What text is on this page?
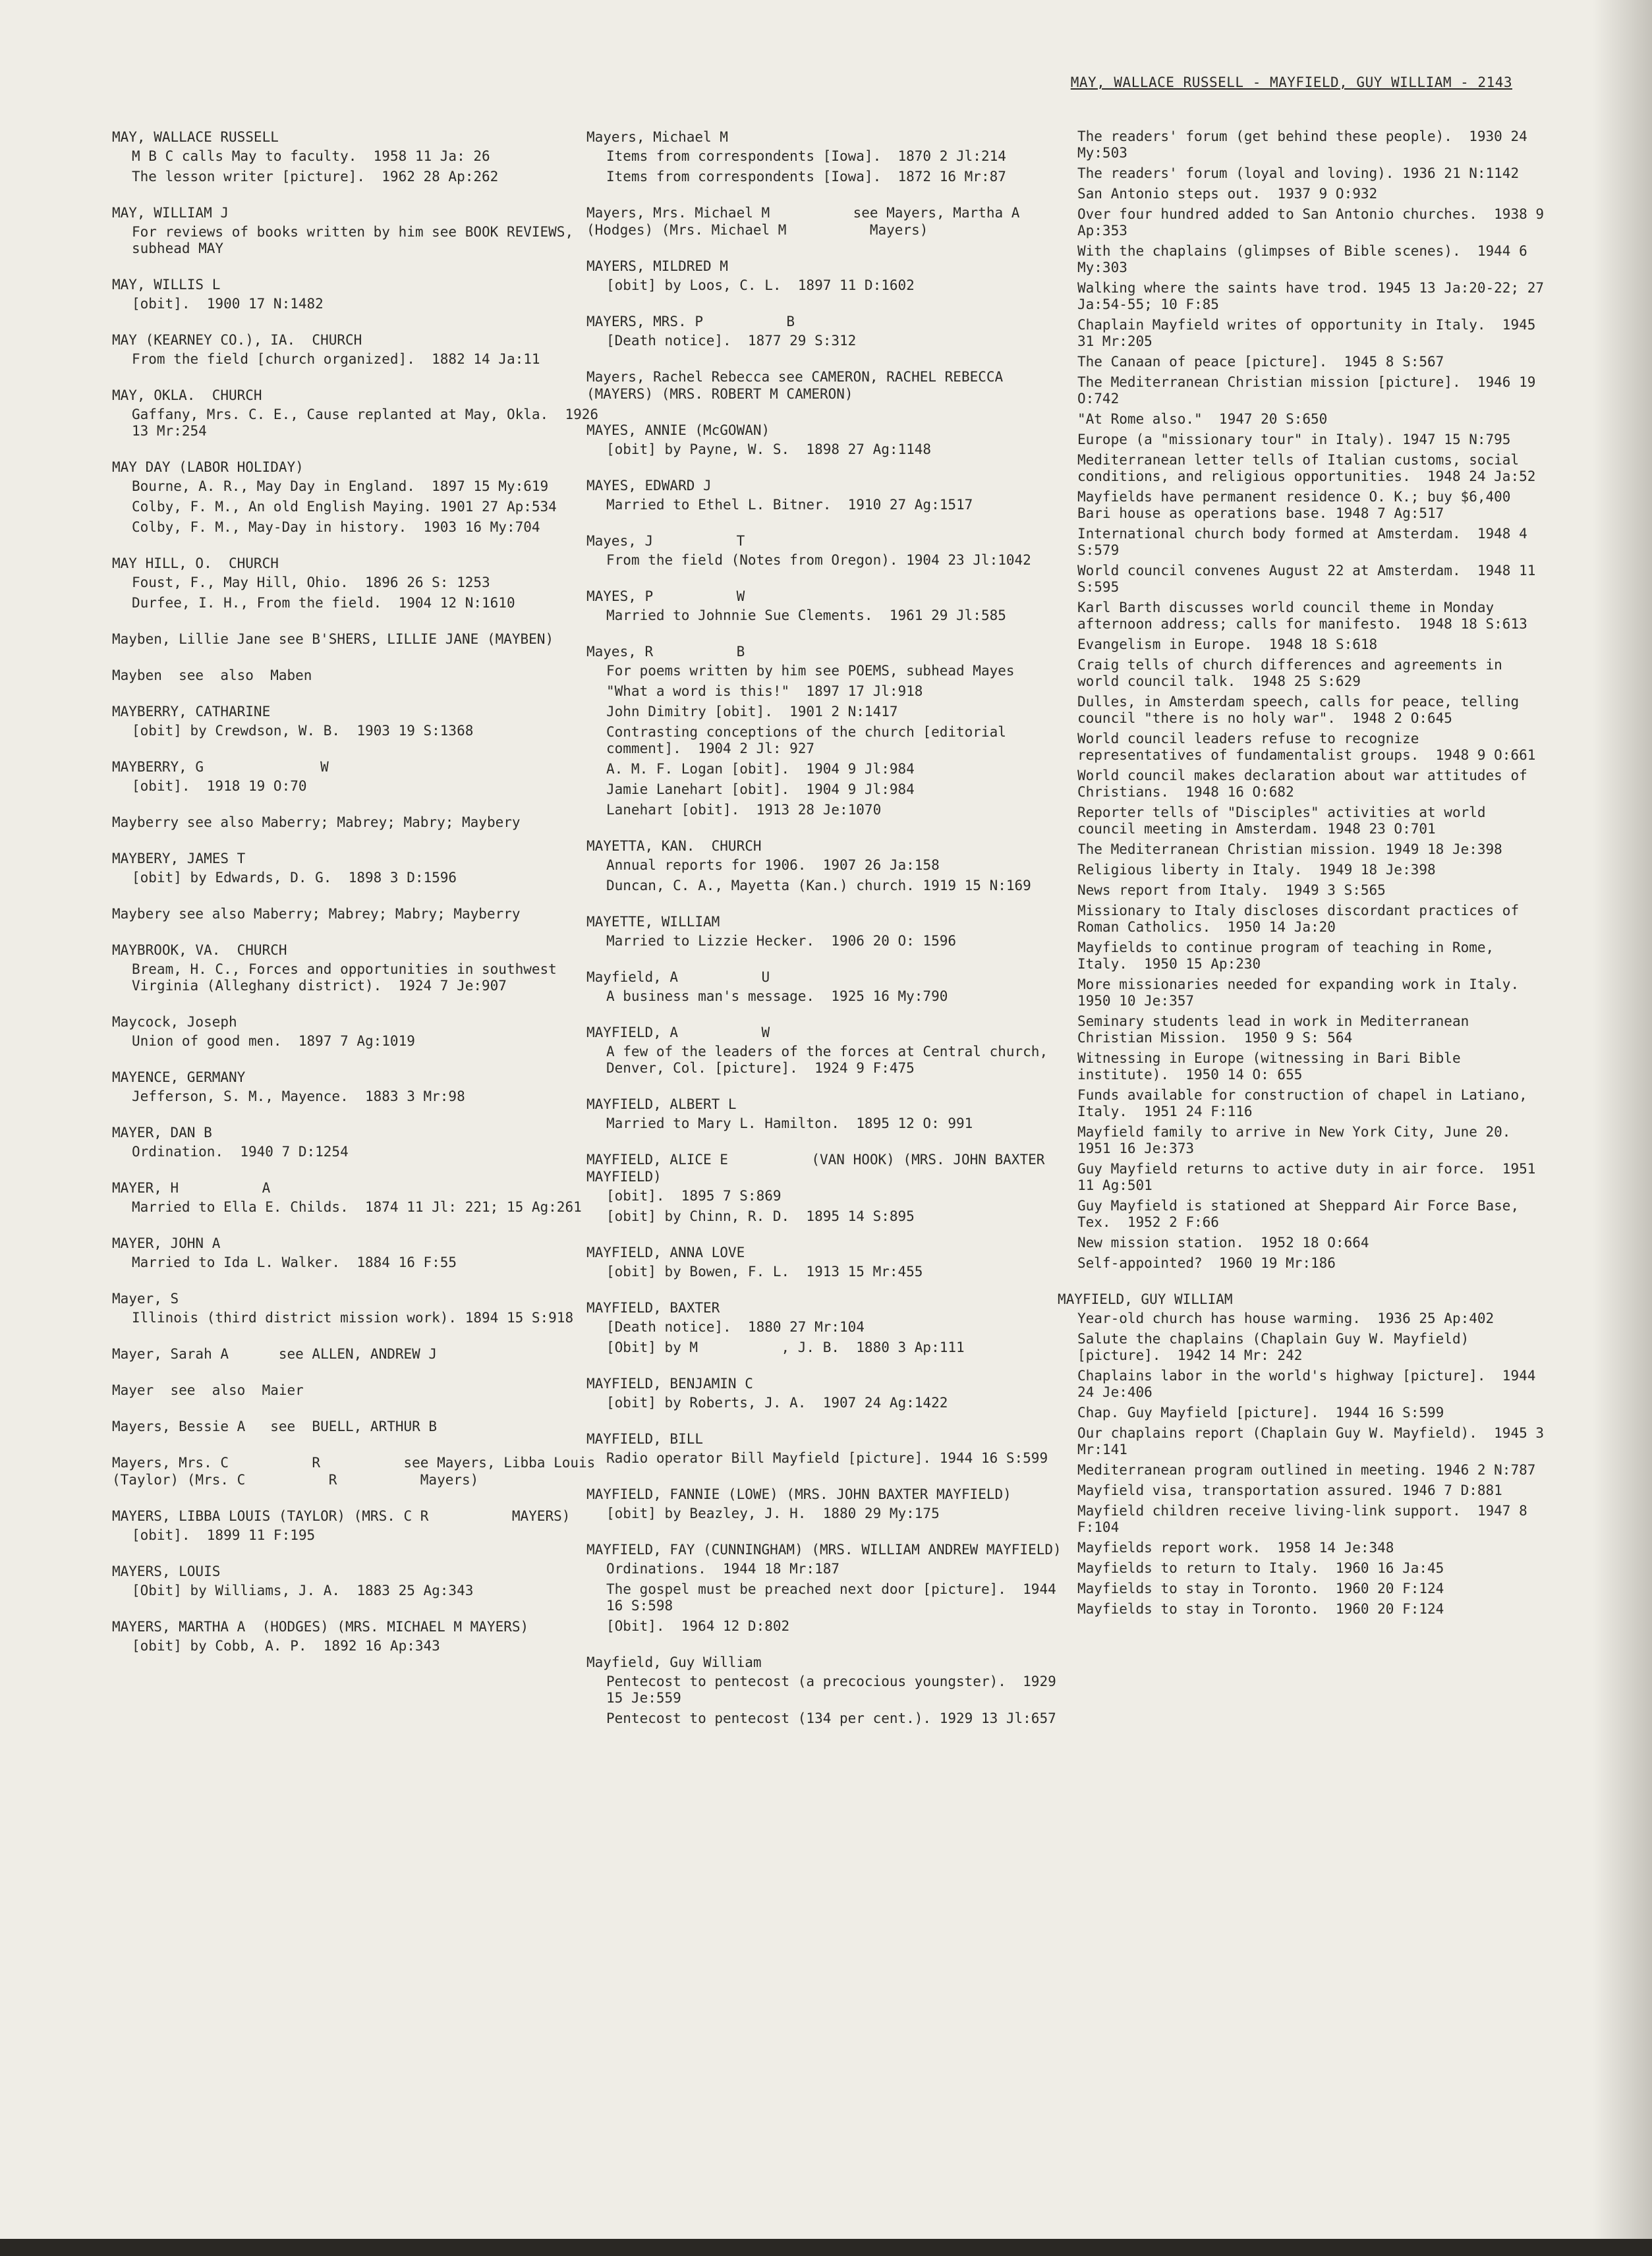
MAY, WALLACE RUSSELL - MAYFIELD, GUY WILLIAM - 2143
MAY, WALLACE RUSSELL
M B C calls May to faculty.  1958 11 Ja: 26
The lesson writer [picture].  1962 28 Ap:262
MAY, WILLIAM J
For reviews of books written by him see BOOK REVIEWS, subhead MAY
MAY, WILLIS L
[obit].  1900 17 N:1482
MAY (KEARNEY CO.), IA.  CHURCH
From the field [church organized].  1882 14 Ja:11
MAY, OKLA.  CHURCH
Gaffany, Mrs. C. E., Cause replanted at May, Okla.  1926 13 Mr:254
MAY DAY (LABOR HOLIDAY)
Bourne, A. R., May Day in England.  1897 15 My:619
Colby, F. M., An old English Maying. 1901 27 Ap:534
Colby, F. M., May-Day in history.  1903 16 My:704
MAY HILL, O.  CHURCH
Foust, F., May Hill, Ohio.  1896 26 S: 1253
Durfee, I. H., From the field.  1904 12 N:1610
Mayben, Lillie Jane see B'SHERS, LILLIE JANE (MAYBEN)
Mayben  see  also  Maben
MAYBERRY, CATHARINE
[obit] by Crewdson, W. B.  1903 19 S:1368
MAYBERRY, G              W
[obit].  1918 19 O:70
Mayberry see also Maberry; Mabrey; Mabry; Maybery
MAYBERY, JAMES T
[obit] by Edwards, D. G.  1898 3 D:1596
Maybery see also Maberry; Mabrey; Mabry; Mayberry
MAYBROOK, VA.  CHURCH
Bream, H. C., Forces and opportunities in southwest Virginia (Alleghany district).  1924 7 Je:907
Maycock, Joseph
Union of good men.  1897 7 Ag:1019
MAYENCE, GERMANY
Jefferson, S. M., Mayence.  1883 3 Mr:98
MAYER, DAN B
Ordination.  1940 7 D:1254
MAYER, H          A
Married to Ella E. Childs.  1874 11 Jl: 221; 15 Ag:261
MAYER, JOHN A
Married to Ida L. Walker.  1884 16 F:55
Mayer, S
Illinois (third district mission work). 1894 15 S:918
Mayer, Sarah A      see ALLEN, ANDREW J
Mayer  see  also  Maier
Mayers, Bessie A   see  BUELL, ARTHUR B
Mayers, Mrs. C          R          see Mayers, Libba Louis (Taylor) (Mrs. C          R          Mayers)
MAYERS, LIBBA LOUIS (TAYLOR) (MRS. C R          MAYERS)
[obit].  1899 11 F:195
MAYERS, LOUIS
[Obit] by Williams, J. A.  1883 25 Ag:343
MAYERS, MARTHA A  (HODGES) (MRS. MICHAEL M MAYERS)
[obit] by Cobb, A. P.  1892 16 Ap:343
Mayers, Michael M
Items from correspondents [Iowa].  1870 2 Jl:214
Items from correspondents [Iowa].  1872 16 Mr:87
Mayers, Mrs. Michael M          see Mayers, Martha A          (Hodges) (Mrs. Michael M          Mayers)
MAYERS, MILDRED M
[obit] by Loos, C. L.  1897 11 D:1602
MAYERS, MRS. P          B
[Death notice].  1877 29 S:312
Mayers, Rachel Rebecca see CAMERON, RACHEL REBECCA (MAYERS) (MRS. ROBERT M CAMERON)
MAYES, ANNIE (McGOWAN)
[obit] by Payne, W. S.  1898 27 Ag:1148
MAYES, EDWARD J
Married to Ethel L. Bitner.  1910 27 Ag:1517
Mayes, J          T
From the field (Notes from Oregon). 1904 23 Jl:1042
MAYES, P          W
Married to Johnnie Sue Clements.  1961 29 Jl:585
Mayes, R          B
For poems written by him see POEMS, subhead Mayes
"What a word is this!"  1897 17 Jl:918
John Dimitry [obit].  1901 2 N:1417
Contrasting conceptions of the church [editorial comment].  1904 2 Jl: 927
A. M. F. Logan [obit].  1904 9 Jl:984
Jamie Lanehart [obit].  1904 9 Jl:984
Lanehart [obit].  1913 28 Je:1070
MAYETTA, KAN.  CHURCH
Annual reports for 1906.  1907 26 Ja:158
Duncan, C. A., Mayetta (Kan.) church. 1919 15 N:169
MAYETTE, WILLIAM
Married to Lizzie Hecker.  1906 20 O: 1596
Mayfield, A          U
A business man's message.  1925 16 My:790
MAYFIELD, A          W
A few of the leaders of the forces at Central church, Denver, Col. [picture].  1924 9 F:475
MAYFIELD, ALBERT L
Married to Mary L. Hamilton.  1895 12 O: 991
MAYFIELD, ALICE E          (VAN HOOK) (MRS. JOHN BAXTER MAYFIELD)
[obit].  1895 7 S:869
[obit] by Chinn, R. D.  1895 14 S:895
MAYFIELD, ANNA LOVE
[obit] by Bowen, F. L.  1913 15 Mr:455
MAYFIELD, BAXTER
[Death notice].  1880 27 Mr:104
[Obit] by M          , J. B.  1880 3 Ap:111
MAYFIELD, BENJAMIN C
[obit] by Roberts, J. A.  1907 24 Ag:1422
MAYFIELD, BILL
Radio operator Bill Mayfield [picture]. 1944 16 S:599
MAYFIELD, FANNIE (LOWE) (MRS. JOHN BAXTER MAYFIELD)
[obit] by Beazley, J. H.  1880 29 My:175
MAYFIELD, FAY (CUNNINGHAM) (MRS. WILLIAM ANDREW MAYFIELD)
Ordinations.  1944 18 Mr:187
The gospel must be preached next door [picture].  1944 16 S:598
[Obit].  1964 12 D:802
Mayfield, Guy William
Pentecost to pentecost (a precocious youngster).  1929 15 Je:559
Pentecost to pentecost (134 per cent.). 1929 13 Jl:657
The readers' forum (get behind these people).  1930 24 My:503
The readers' forum (loyal and loving). 1936 21 N:1142
San Antonio steps out.  1937 9 O:932
Over four hundred added to San Antonio churches.  1938 9 Ap:353
With the chaplains (glimpses of Bible scenes).  1944 6 My:303
Walking where the saints have trod. 1945 13 Ja:20-22; 27 Ja:54-55; 10 F:85
Chaplain Mayfield writes of opportunity in Italy.  1945 31 Mr:205
The Canaan of peace [picture].  1945 8 S:567
The Mediterranean Christian mission [picture].  1946 19 O:742
"At Rome also."  1947 20 S:650
Europe (a "missionary tour" in Italy). 1947 15 N:795
Mediterranean letter tells of Italian customs, social conditions, and religious opportunities.  1948 24 Ja:52
Mayfields have permanent residence O. K.; buy $6,400 Bari house as operations base. 1948 7 Ag:517
International church body formed at Amsterdam.  1948 4 S:579
World council convenes August 22 at Amsterdam.  1948 11 S:595
Karl Barth discusses world council theme in Monday afternoon address; calls for manifesto.  1948 18 S:613
Evangelism in Europe.  1948 18 S:618
Craig tells of church differences and agreements in world council talk.  1948 25 S:629
Dulles, in Amsterdam speech, calls for peace, telling council "there is no holy war".  1948 2 O:645
World council leaders refuse to recognize representatives of fundamentalist groups.  1948 9 O:661
World council makes declaration about war attitudes of Christians.  1948 16 O:682
Reporter tells of "Disciples" activities at world council meeting in Amsterdam. 1948 23 O:701
The Mediterranean Christian mission. 1949 18 Je:398
Religious liberty in Italy.  1949 18 Je:398
News report from Italy.  1949 3 S:565
Missionary to Italy discloses discordant practices of Roman Catholics.  1950 14 Ja:20
Mayfields to continue program of teaching in Rome, Italy.  1950 15 Ap:230
More missionaries needed for expanding work in Italy.  1950 10 Je:357
Seminary students lead in work in Mediterranean Christian Mission.  1950 9 S: 564
Witnessing in Europe (witnessing in Bari Bible institute).  1950 14 O: 655
Funds available for construction of chapel in Latiano, Italy.  1951 24 F:116
Mayfield family to arrive in New York City, June 20.  1951 16 Je:373
Guy Mayfield returns to active duty in air force.  1951 11 Ag:501
Guy Mayfield is stationed at Sheppard Air Force Base, Tex.  1952 2 F:66
New mission station.  1952 18 O:664
Self-appointed?  1960 19 Mr:186
MAYFIELD, GUY WILLIAM
Year-old church has house warming.  1936 25 Ap:402
Salute the chaplains (Chaplain Guy W. Mayfield) [picture].  1942 14 Mr: 242
Chaplains labor in the world's highway [picture].  1944 24 Je:406
Chap. Guy Mayfield [picture].  1944 16 S:599
Our chaplains report (Chaplain Guy W. Mayfield).  1945 3 Mr:141
Mediterranean program outlined in meeting. 1946 2 N:787
Mayfield visa, transportation assured. 1946 7 D:881
Mayfield children receive living-link support.  1947 8 F:104
Mayfields report work.  1958 14 Je:348
Mayfields to return to Italy.  1960 16 Ja:45
Mayfields to stay in Toronto.  1960 20 F:124
Mayfields to stay in Toronto.  1960 20 F:124
